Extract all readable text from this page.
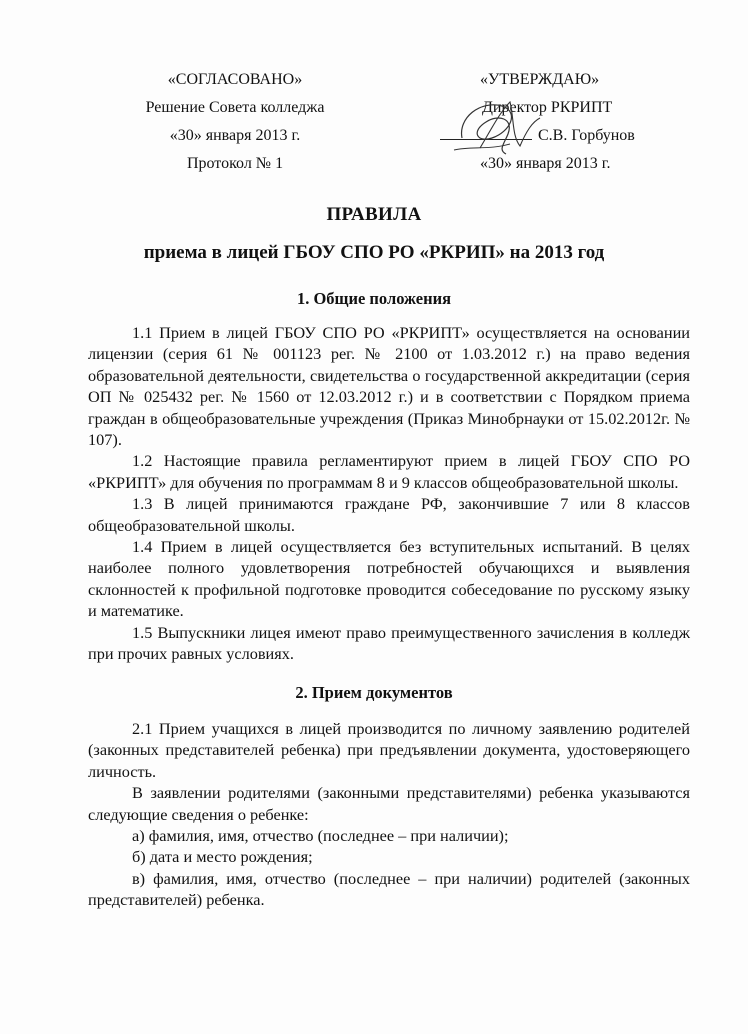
«СОГЛАСОВАНО»
Решение Совета колледжа
«30» января 2013 г.
Протокол № 1
«УТВЕРЖДАЮ»
Директор РКРИПТ
С.В. Горбунов
«30» января 2013 г.
ПРАВИЛА
приема в лицей ГБОУ СПО РО «РКРИП» на 2013 год
1. Общие положения

1.1 Прием в лицей ГБОУ СПО РО «РКРИПТ» осуществляется на основании лицензии (серия 61 № 001123 рег. № 2100 от 1.03.2012 г.) на право ведения образовательной деятельности, свидетельства о государственной аккредитации (серия ОП № 025432 рег. № 1560 от 12.03.2012 г.) и в соответствии с Порядком приема граждан в общеобразовательные учреждения (Приказ Минобрнауки от 15.02.2012г. № 107).

1.2 Настоящие правила регламентируют прием в лицей ГБОУ СПО РО «РКРИПТ» для обучения по программам 8 и 9 классов общеобразовательной школы.

1.3 В лицей принимаются граждане РФ, закончившие 7 или 8 классов общеобразовательной школы.

1.4 Прием в лицей осуществляется без вступительных испытаний. В целях наиболее полного удовлетворения потребностей обучающихся и выявления склонностей к профильной подготовке проводится собеседование по русскому языку и математике.

1.5 Выпускники лицея имеют право преимущественного зачисления в колледж при прочих равных условиях.

2. Прием документов

2.1 Прием учащихся в лицей производится по личному заявлению родителей (законных представителей ребенка) при предъявлении документа, удостоверяющего личность.

В заявлении родителями (законными представителями) ребенка указываются следующие сведения о ребенке:

а) фамилия, имя, отчество (последнее – при наличии);

б) дата и место рождения;

в) фамилия, имя, отчество (последнее – при наличии) родителей (законных представителей) ребенка.
